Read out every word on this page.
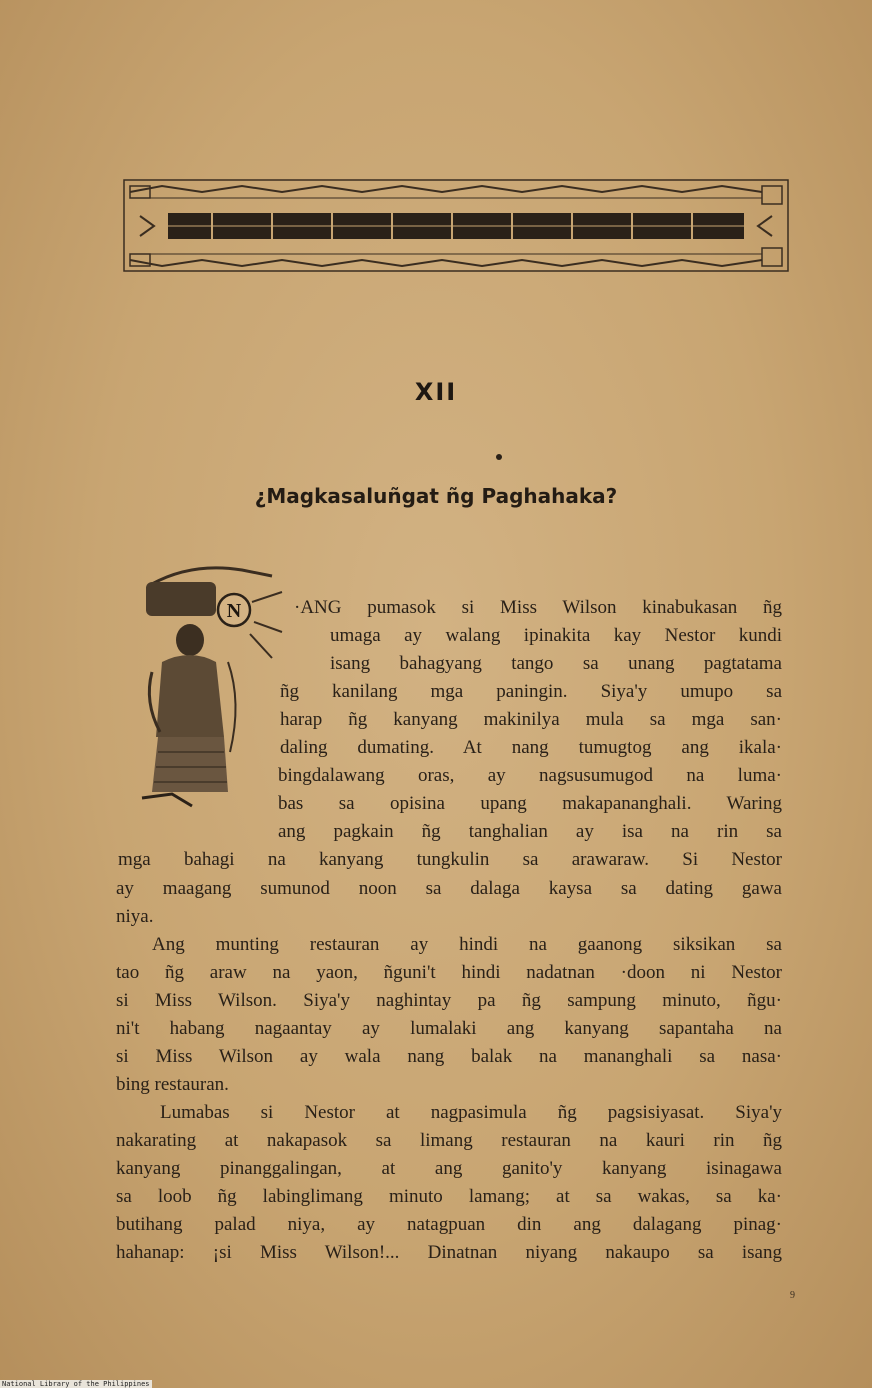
XII
¿Magkasaluñgat ñg Paghahaka?
N	·ANG pumasok si Miss Wilson kinabukasan ñg
umaga ay walang ipinakita kay Nestor kundi
isang bahagyang tango sa unang pagtatama
ñg kanilang mga paningin. Siya'y umupo sa
harap ñg kanyang makinilya mula sa mga san·
daling dumating. At nang tumugtog ang ikala·
bingdalawang oras, ay nagsusumugod na luma·
bas sa opisina upang makapananghali. Waring
ang pagkain ñg tanghalian ay isa na rin sa
mga bahagi na kanyang tungkulin sa arawaraw. Si Nestor
ay maagang sumunod noon sa dalaga kaysa sa dating gawa
niya.
Ang munting restauran ay hindi na gaanong siksikan sa
tao ñg araw na yaon, ñguni't hindi nadatnan ·doon ni Nestor
si Miss Wilson. Siya'y naghintay pa ñg sampung minuto, ñgu·
ni't habang nagaantay ay lumalaki ang kanyang sapantaha na
si Miss Wilson ay wala nang balak na mananghali sa nasa·
bing restauran.
Lumabas si Nestor at nagpasimula ñg pagsisiyasat. Siya'y
nakarating at nakapasok sa limang restauran na kauri rin ñg
kanyang pinanggalingan, at ang ganito'y kanyang isinagawa
sa loob ñg labinglimang minuto lamang; at sa wakas, sa ka·
butihang palad niya, ay natagpuan din ang dalagang pinag·
hahanap: ¡si Miss Wilson!... Dinatnan niyang nakaupo sa isang
9
National Library of the Philippines
